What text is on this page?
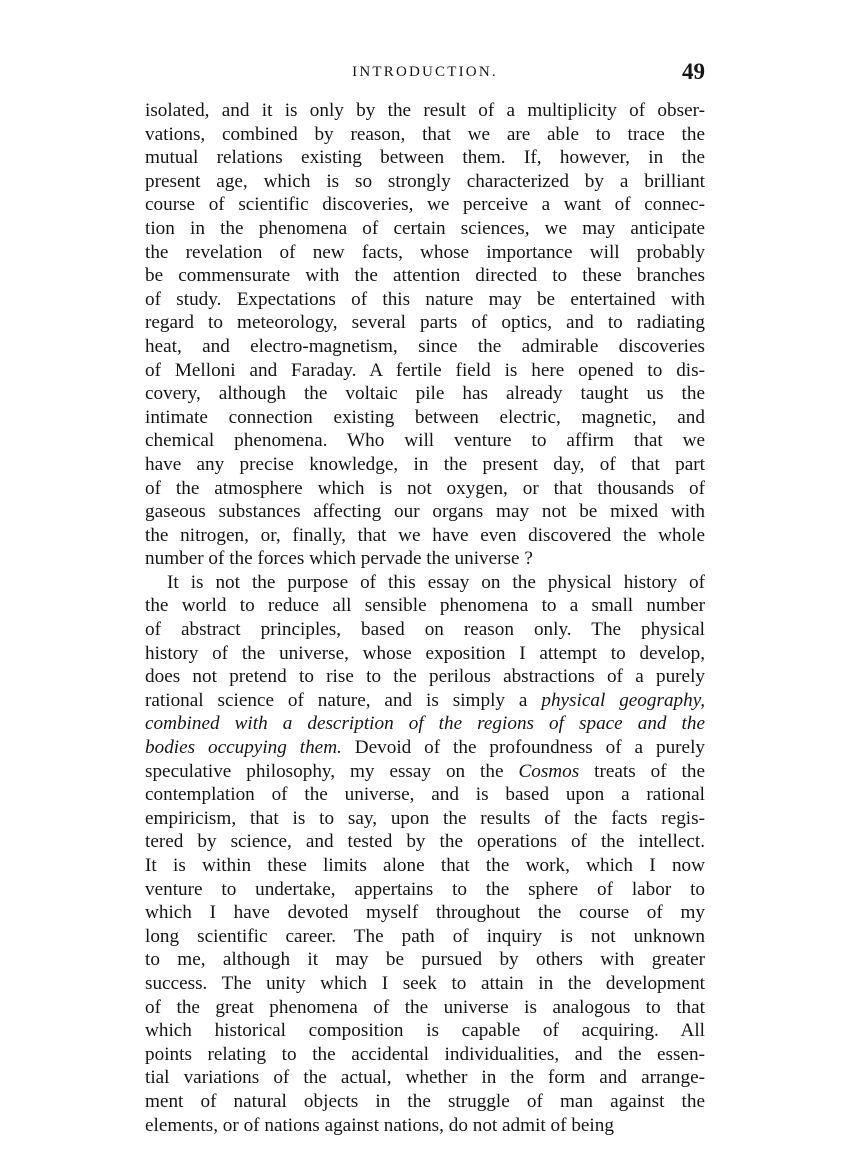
INTRODUCTION.	49
isolated, and it is only by the result of a multiplicity of obser-
vations, combined by reason, that we are able to trace the
mutual relations existing between them. If, however, in the
present age, which is so strongly characterized by a brilliant
course of scientific discoveries, we perceive a want of connec-
tion in the phenomena of certain sciences, we may anticipate
the revelation of new facts, whose importance will probably
be commensurate with the attention directed to these branches
of study. Expectations of this nature may be entertained with
regard to meteorology, several parts of optics, and to radiating
heat, and electro-magnetism, since the admirable discoveries
of Melloni and Faraday. A fertile field is here opened to dis-
covery, although the voltaic pile has already taught us the
intimate connection existing between electric, magnetic, and
chemical phenomena. Who will venture to affirm that we
have any precise knowledge, in the present day, of that part
of the atmosphere which is not oxygen, or that thousands of
gaseous substances affecting our organs may not be mixed with
the nitrogen, or, finally, that we have even discovered the whole
number of the forces which pervade the universe ?
It is not the purpose of this essay on the physical history of
the world to reduce all sensible phenomena to a small number
of abstract principles, based on reason only. The physical
history of the universe, whose exposition I attempt to develop,
does not pretend to rise to the perilous abstractions of a purely
rational science of nature, and is simply a physical geography,
combined with a description of the regions of space and the
bodies occupying them. Devoid of the profoundness of a purely
speculative philosophy, my essay on the Cosmos treats of the
contemplation of the universe, and is based upon a rational
empiricism, that is to say, upon the results of the facts regis-
tered by science, and tested by the operations of the intellect.
It is within these limits alone that the work, which I now
venture to undertake, appertains to the sphere of labor to
which I have devoted myself throughout the course of my
long scientific career. The path of inquiry is not unknown
to me, although it may be pursued by others with greater
success. The unity which I seek to attain in the development
of the great phenomena of the universe is analogous to that
which historical composition is capable of acquiring. All
points relating to the accidental individualities, and the essen-
tial variations of the actual, whether in the form and arrange-
ment of natural objects in the struggle of man against the
elements, or of nations against nations, do not admit of being
